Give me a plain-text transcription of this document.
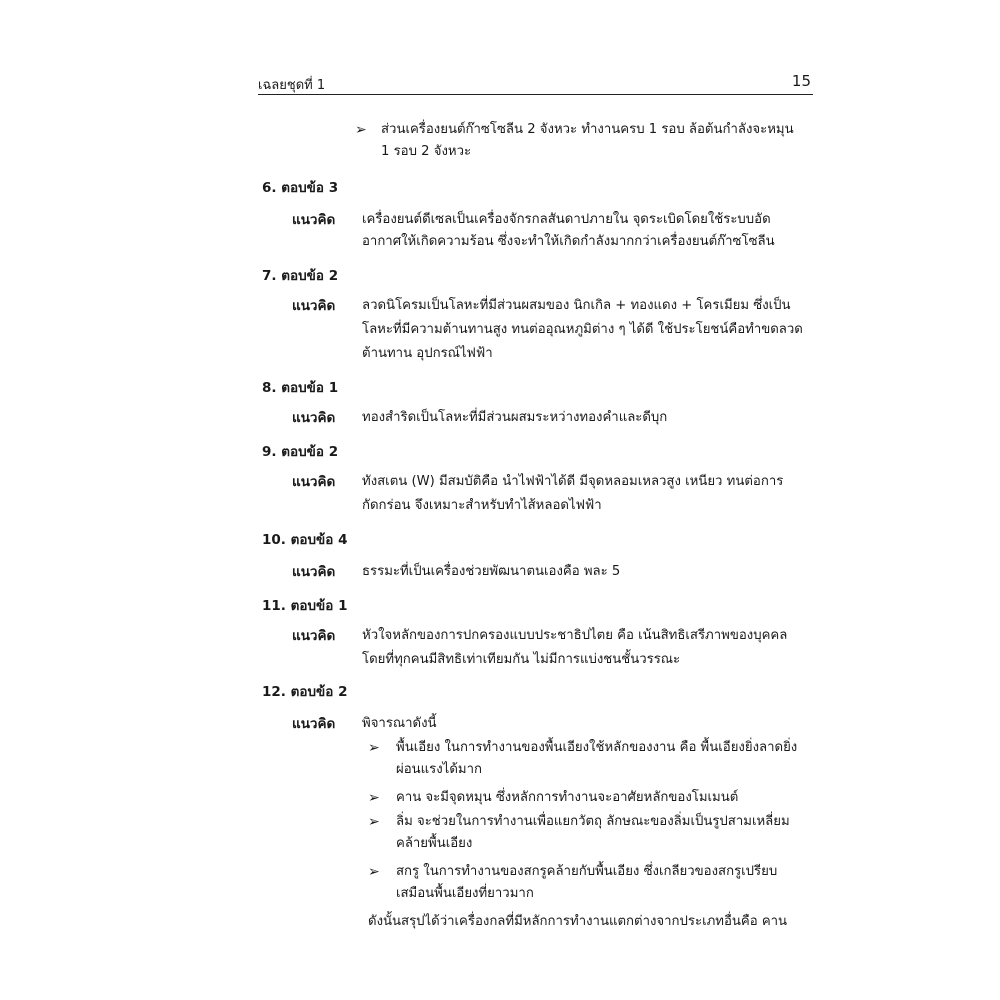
เฉลยชุดที่ 1	15
➢ ส่วนเครื่องยนต์ก๊าซโซลีน 2 จังหวะ ทำงานครบ 1 รอบ ล้อต้นกำลังจะหมุน
1 รอบ 2 จังหวะ
6. ตอบข้อ 3
แนวคิด เครื่องยนต์ดีเซลเป็นเครื่องจักรกลสันดาปภายใน จุดระเบิดโดยใช้ระบบอัด
อากาศให้เกิดความร้อน ซึ่งจะทำให้เกิดกำลังมากกว่าเครื่องยนต์ก๊าซโซลีน
7. ตอบข้อ 2
แนวคิด ลวดนิโครมเป็นโลหะที่มีส่วนผสมของ นิกเกิล + ทองแดง + โครเมียม ซึ่งเป็น
โลหะที่มีความต้านทานสูง ทนต่ออุณหภูมิต่าง ๆ ได้ดี ใช้ประโยชน์คือทำขดลวด
ต้านทาน อุปกรณ์ไฟฟ้า
8. ตอบข้อ 1
แนวคิด ทองสำริดเป็นโลหะที่มีส่วนผสมระหว่างทองคำและดีบุก
9. ตอบข้อ 2
แนวคิด ทังสเตน (W) มีสมบัติคือ นำไฟฟ้าได้ดี มีจุดหลอมเหลวสูง เหนียว ทนต่อการ
กัดกร่อน จึงเหมาะสำหรับทำไส้หลอดไฟฟ้า
10. ตอบข้อ 4
แนวคิด ธรรมะที่เป็นเครื่องช่วยพัฒนาตนเองคือ พละ 5
11. ตอบข้อ 1
แนวคิด หัวใจหลักของการปกครองแบบประชาธิปไตย คือ เน้นสิทธิเสรีภาพของบุคคล
โดยที่ทุกคนมีสิทธิเท่าเทียมกัน ไม่มีการแบ่งชนชั้นวรรณะ
12. ตอบข้อ 2
แนวคิด พิจารณาดังนี้
➢ พื้นเอียง ในการทำงานของพื้นเอียงใช้หลักของงาน คือ พื้นเอียงยิ่งลาดยิ่ง
ผ่อนแรงได้มาก
➢ คาน จะมีจุดหมุน ซึ่งหลักการทำงานจะอาศัยหลักของโมเมนต์
➢ ลิ่ม จะช่วยในการทำงานเพื่อแยกวัตถุ ลักษณะของลิ่มเป็นรูปสามเหลี่ยม
คล้ายพื้นเอียง
➢ สกรู ในการทำงานของสกรูคล้ายกับพื้นเอียง ซึ่งเกลียวของสกรูเปรียบ
เสมือนพื้นเอียงที่ยาวมาก
ดังนั้นสรุปได้ว่าเครื่องกลที่มีหลักการทำงานแตกต่างจากประเภทอื่นคือ คาน
